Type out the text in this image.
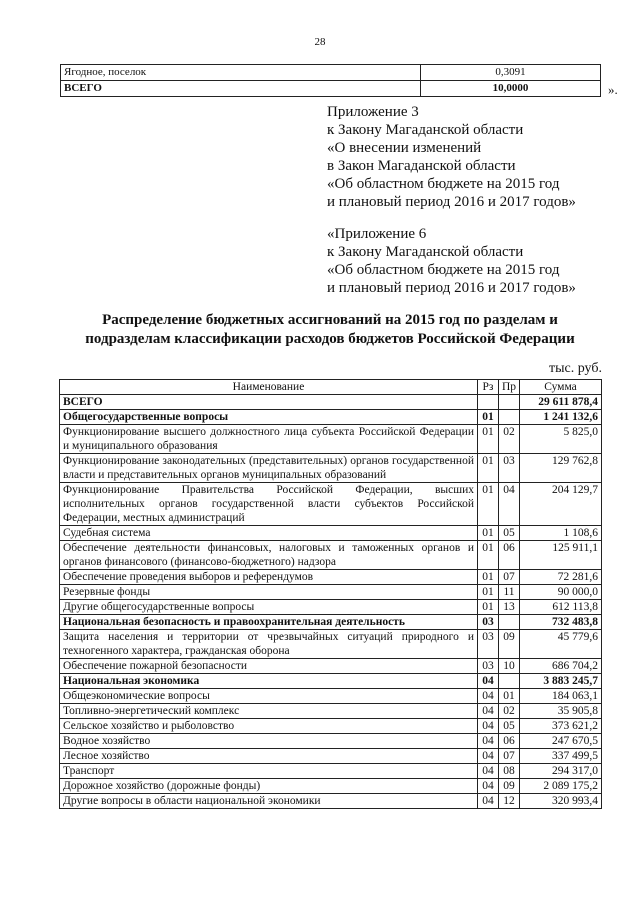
28
Ягодное, поселок	0,3091
ВСЕГО	10,0000	».
Приложение 3
к Закону Магаданской области
«О внесении изменений
в Закон Магаданской области
«Об областном бюджете на 2015 год
и плановый период 2016 и 2017 годов»
«Приложение 6
к Закону Магаданской области
«Об областном бюджете на 2015 год
и плановый период 2016 и 2017 годов»
Распределение бюджетных ассигнований на 2015 год по разделам и
подразделам классификации расходов бюджетов Российской Федерации
тыс. руб.
Наименование	Рз	Пр	Сумма
ВСЕГО			29 611 878,4
Общегосударственные вопросы	01		1 241 132,6
Функционирование высшего должностного лица субъекта Российской Федерации и муниципального образования	01	02	5 825,0
Функционирование законодательных (представительных) органов государственной власти и представительных органов муниципальных образований	01	03	129 762,8
Функционирование Правительства Российской Федерации, высших исполнительных органов государственной власти субъектов Российской Федерации, местных администраций	01	04	204 129,7
Судебная система	01	05	1 108,6
Обеспечение деятельности финансовых, налоговых и таможенных органов и органов финансового (финансово-бюджетного) надзора	01	06	125 911,1
Обеспечение проведения выборов и референдумов	01	07	72 281,6
Резервные фонды	01	11	90 000,0
Другие общегосударственные вопросы	01	13	612 113,8
Национальная безопасность и правоохранительная деятельность	03		732 483,8
Защита населения и территории от чрезвычайных ситуаций природного и техногенного характера, гражданская оборона	03	09	45 779,6
Обеспечение пожарной безопасности	03	10	686 704,2
Национальная экономика	04		3 883 245,7
Общеэкономические вопросы	04	01	184 063,1
Топливно-энергетический комплекс	04	02	35 905,8
Сельское хозяйство и рыболовство	04	05	373 621,2
Водное хозяйство	04	06	247 670,5
Лесное хозяйство	04	07	337 499,5
Транспорт	04	08	294 317,0
Дорожное хозяйство (дорожные фонды)	04	09	2 089 175,2
Другие вопросы в области национальной экономики	04	12	320 993,4
